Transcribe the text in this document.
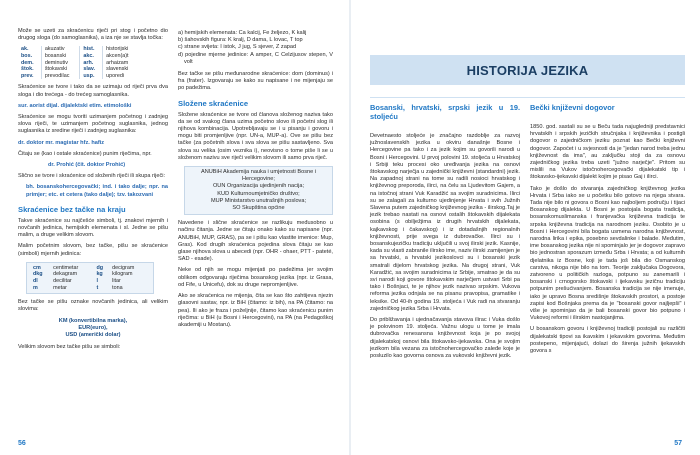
Može se uzeti za skraćenicu riječi pri stog i početno dio drugog sloga (do samoglasnika), a iza nje se stavlja točka:

ak.	akuzativ	hist.	historijski
bos.	bosanski	akc.	akcen(a)t
dem.	deminutiv	arh.	arhaizam
štok.	štokavski	slav.	slavenski
prev.	prevodilac	usp.	uporedi

Skraćenice se tvore i tako da se uzimaju od riječi prva dva sloga i dio trećega - do trećeg samoglasnika.

sur. aorist dijal. dijalektski etim. etimološki

Skraćenice se mogu tvoriti uzimanjem početnog i zadnjeg slova riječi, te uzimanjem početnog suglasnika, jednog suglasnika iz sredine riječi i zadnjeg suglasnika:

dr. doktor mr. magistar hfz. hafiz

Čitaju se (kao i ostale skraćenice) punim riječima, npr.

dr. Prohić (čit. doktor Prohić)

Slično se tvore i skraćenice od složenih riječi ili skupa riječi:

bh. bosanskohercegovački; ind. i tako dalje; npr. na primjer; etc. et cetera (tako dalje); tzv. takozvani

Skraćenice bez tačke na kraju

Takve skraćenice su najčešće simboli, tj. znakovi mjernih i novčanih jedinica, hemijskih elemenata i sl. Jedne se pišu malim, a druge velikim slovom.

Malim početnim slovom, bez tačke, pišu se skraćenice (simboli) mjernih jedinica:

cm	centimetar	dg	decigram
dkg	dekagram	kg	kilogram
dl	decilitar	l	litar
m	metar	t	tona

Bez tačke se pišu oznake novčanih jedinica, ali velikim slovima:

KM (konvertibilna marka),
EUR(euro),
USD (američki dolar)

Velikim slovom bez tačke pišu se simboli:

a) hemijskih elemenata: Ca kalcij, Fe željezo, K kalij
b) šahovskih figura: K kralj, D dama, L lovac, T top
c) strane svijeta: I istok, J jug, S sjever, Z zapad
d) pojedine mjerne jedinice: A amper, C Celzijusov stepen, V volt

Bez tačke se pišu međunarodne skraćenice: dom (dominus) i fra (frater). Izgovaraju se kako su napisane i ne mijenjaju se po padežima.

Složene skraćenice

Složene skraćenice se tvore od članova složenog naziva tako da se od svakog člana uzima početno slovo ili početni slog ili njihova kombinacija. Upotrebljavaju se i u pisanju i govoru i mogu biti promjenljive (npr. UN-a, MUP-a). Ove se pišu bez tačke (za početnih slova i sva slova se pišu sastavljeno. Sva slova su velika (osim veznika i), neovisno o tome piše li se u složenom nazivu sve riječi velikim slovom ili samo prva riječ.

ANUBiH Akademija nauka i umjetnosti Bosne i Hercegovine;
OUN Organizacija ujedinjenih nacija;
KUD Kulturnoumjetničko društvo;
MUP Ministarstvo unutrašnjih poslova;
SO Skupština općine

Navedene i slične skraćenice se razlikuju međusobno u načinu čitanja. Jedne se čitaju onako kako su napisane (npr. ANUBiH, MUP, GRAS), pa se i pišu kao vlastite imenice: Mup, Gras). Kod drugih skraćenica pojedina slova čitaju se kao glase njihova slova u abecedi (npr. OHR - ohaer, PTT - pateté, SAD - esade).

Neke od njih se mogu mijenjati po padežima jer svojim oblikom odgovaraju riječima bosanskog jezika (npr. iz Grasa, od Fife, u Unicefu), dok su druge nepromjenljive.

Ako se skraćenica ne mijenja, čita se kao što zahtijeva njezin glasovni sastav, npr. iz BiH (čitamo: iz bih), na PA (čitamo: na pea). Ili ako je fraza i poželjnije, čitamo kao skraćenicu punim riječima: u BiH (u Bosni i Hercegovini), na PA (na Pedagoškoj akademiji u Mostaru).

56
HISTORIJA JEZIKA
Bosanski, hrvatski, srpski jezik u 19. stoljeću

Devetnaesto stoljeće je značajno razdoblje za razvoj južnoslavenskih jezika u okviru današnje Bosne i Hercegovine pa tako i za jezik kojim su govorili narodi u Bosni i Hercegovini. U prvoj polovini 19. stoljeća u Hrvatskoj i Srbiji teku procesi oko uređivanja jezika na osnovi štokavskog narječja u zajednički književni (standardni) jezik. Na zapadnoj strani na tome su radili nosioci hrvatskog i književnog preporoda, ilirci, na čelu sa Ljudevitom Gajem, a na istočnoj strani Vuk Karadžić sa svojim suradnicima. Ilirci su se zalagali za kulturno ujedinjenje Hrvata i svih Južnih Slavena putem zajedničkog književnog jezika - ilirskog.Taj je jezik trebao nastati na osnovi ostalih štokavskih dijalekata osobina (s obilježjima iz drugih hrvatskih dijalekata, kajkavskog i čakavskog) i iz dotadašnjih regionalnih književnosti, prije svega iz dubrovačke. Ilirci su i bosanskujezičku tradiciju uključili u svoj ilirski jezik. Kasnije, kada su vlasti zabranile ilirsko ime, naziv ilirski zamijenjen je sa hrvatski, a hrvatski jezikoslovci su i bosanski jezik smatrali dijelom hrvatskog jezika. Na drugoj strani, Vuk Karadžić, sa svojim suradnicima iz Srbije, smatrao je da su svi narodi koji govore štokavskim narječjem ustvari Srbi pa tako i Bošnjaci, te je njihov jezik nazivao srpskim. Vukova reforma jezika odnjala se na pisanu pravopisa, gramatike i leksike. Od 40-ih godina 19. stoljeća i Vuk radi na stvaranju zajedničkog jezika Srba i Hrvata.

Do približavanja i ujednačavanja stavova ilirac i Vuka došlo je polovinom 19. stoljeća. Važnu ulogu u tome je imala dubrovačka renesansna književnost koja je po svojoj dijalekatskoj osnovi bila štokavsko-ijekavska. Ona je svojim jezikom bila vezana za istočnohercegovačko zaleđe koje je posluzilo kao govorna osnova za vukovski književni jezik.

Bečki književni dogovor

1850. god. sastali su se u Beču tada najugledniji predstavnici hrvatskih i srpskih jezičkih stručnjaka i književnika i postigli dogovor o zajedničkom jeziku poznat kao Bečki književni dogovor. Zapoćet i u svjesnosti da je "jedan narod treba jednu književnost da ima", au zaključku stoji da za osnovu zajedničkog jezika treba uzeti "južno narječje". Pritom su mislili na Vukov istočnohercegovački dijalekatski tip i štokavsko-ijekavski dijalekt kojim je pisao Gaj i ilirci.

Tako je došlo do stvaranja zajedničkog književnog jezika Hrvata i Srba iako se u početku bilo gotovo na njega stvara. Tada nije bilo ni govora o Bosni kao najboljem području i tijaci Bosanskog dijalekta. U Bosni je postojala bogata tradicija, bosanskomuslimanska i franjevačka književna tradicija te srpska književna tradicija na narodnom jeziku. Osobito je u Bosni i Hercegovini bila bogata usmena narodna književnost, narodna lirika i epika, posebno sevdalinke i balade. Međutim, ime bosanskog jezika nije ni spominjalo jer je dogovor zapravo bio jednostran sporazum između Srba i Hrvata; a od kulturnih djelatnika iz Bosne, koji je tada još bila dio Osmanskog carstva, nikoga nije bilo na tom. Teorije zaključaka Dogovora, zatvoreno u političkih razloga, potpuno su zanemarili i bosanski i crnogorsko štokavski i ijekavsku jezičnu tradiciju potpunim prešućivanjem. Bosanska tradicija se nije imenuje, iako je upravo Bosna središnje štokavskih prostori, a postoje zapisi kod Bošnjaka prema da je "bosanski govor najljepši" i više je spominjao da je bali bosanski govor bio potpuno i Vukovoj reformi i ilirskim nastojanjima.

U bosanskom govoru i književnoj tradiciji postojali su različiti dijalekatski tipovi sa ikavskim i jekavskim govorima. Međutim postepeno, mijenjajući, dolazi do širenja južnih ijekavskih govora s

57
